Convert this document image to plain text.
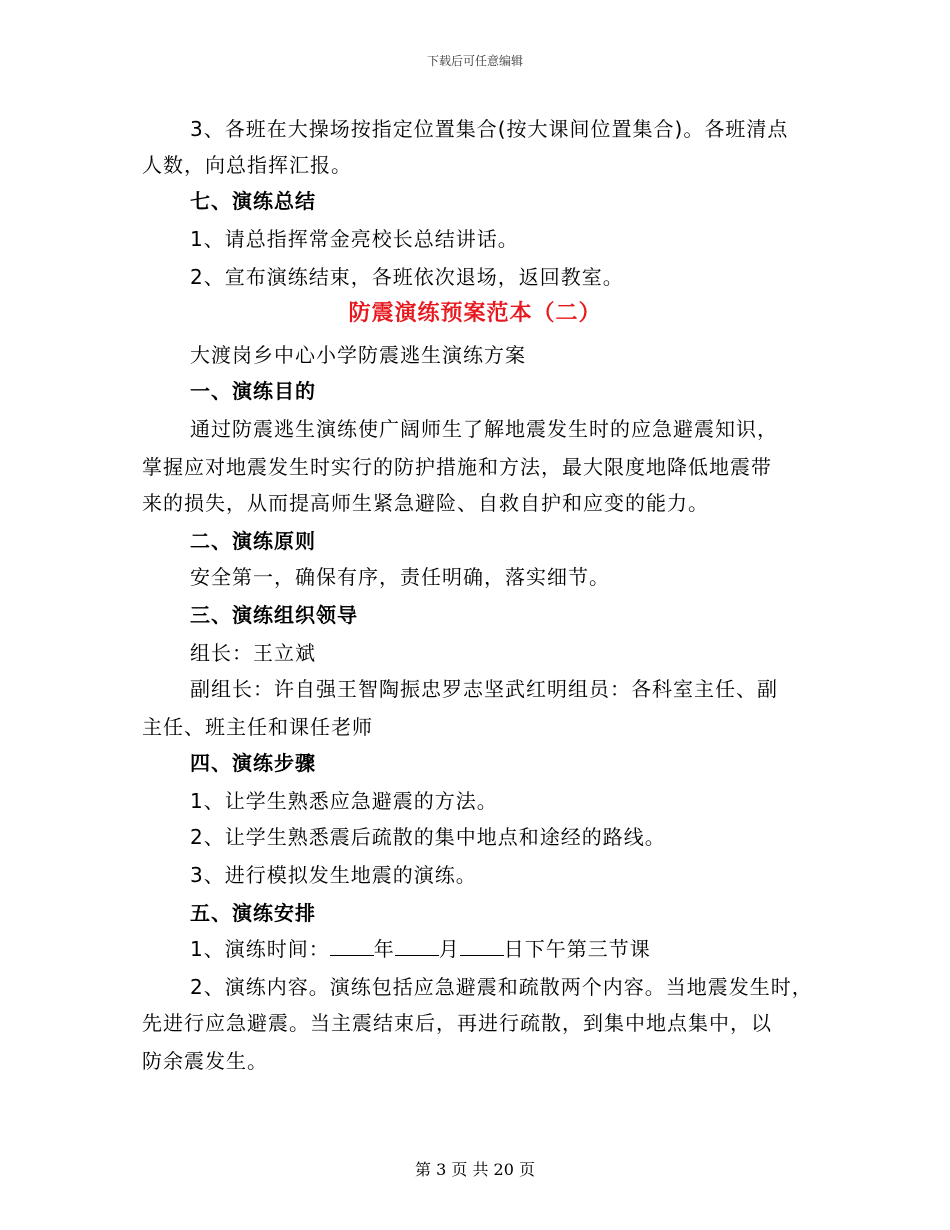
下载后可任意编辑
3、各班在大操场按指定位置集合(按大课间位置集合)。各班清点
人数，向总指挥汇报。
七、演练总结
1、请总指挥常金亮校长总结讲话。
2、宣布演练结束，各班依次退场，返回教室。
防震演练预案范本（二）
大渡岗乡中心小学防震逃生演练方案
一、演练目的
通过防震逃生演练使广阔师生了解地震发生时的应急避震知识，
掌握应对地震发生时实行的防护措施和方法，最大限度地降低地震带
来的损失，从而提高师生紧急避险、自救自护和应变的能力。
二、演练原则
安全第一，确保有序，责任明确，落实细节。
三、演练组织领导
组长：王立斌
副组长：许自强王智陶振忠罗志坚武红明组员：各科室主任、副
主任、班主任和课任老师
四、演练步骤
1、让学生熟悉应急避震的方法。
2、让学生熟悉震后疏散的集中地点和途经的路线。
3、进行模拟发生地震的演练。
五、演练安排
1、演练时间： 年 月 日下午第三节课
2、演练内容。演练包括应急避震和疏散两个内容。当地震发生时，
先进行应急避震。当主震结束后，再进行疏散，到集中地点集中，以
防余震发生。
第 3 页 共 20 页
